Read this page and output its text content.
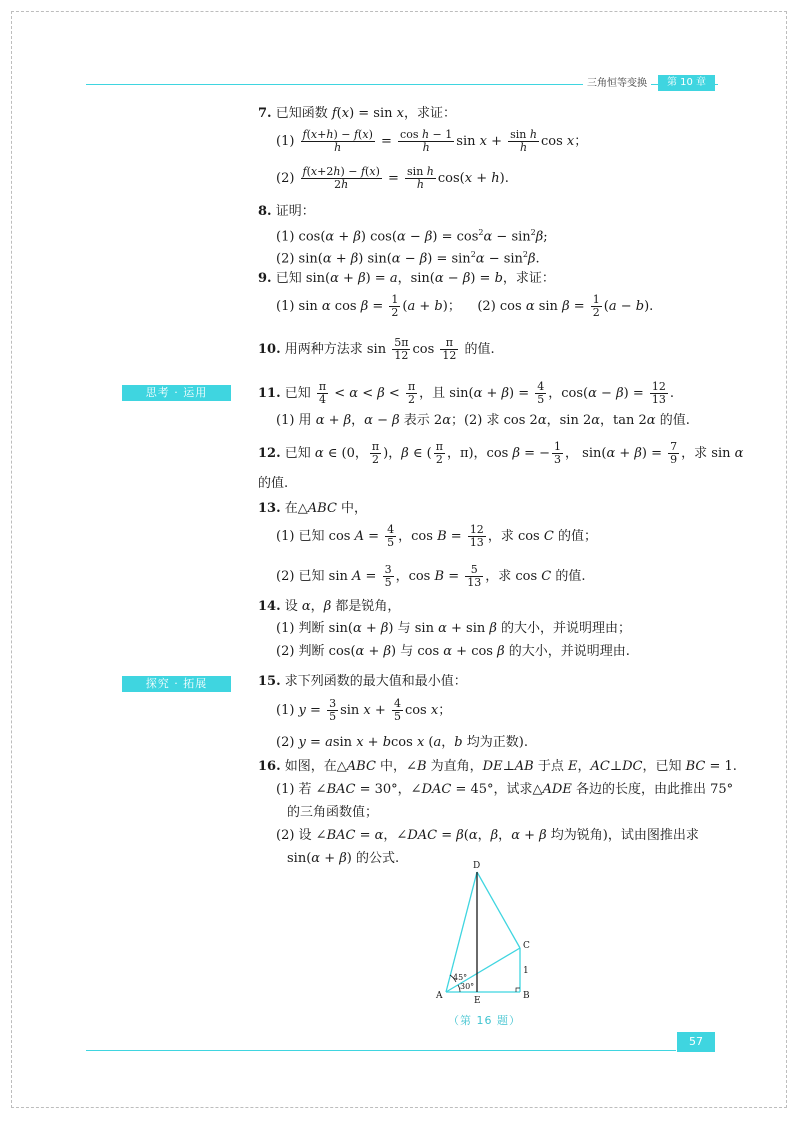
三角恒等变换	第 10 章
7. 已知函数 f(x) = sin x，求证：
$(1) \frac{f(x+h) - f(x)}{h} = \frac{\text{cos h − 1}}{h}$ $\sin x + \frac{\text{sin h}}{h}$ cos x；
$(2) \frac{f(x+2h) - f(x)}{2h} = \frac{\text{sin h}}{h} \cos(x + h)$.
8. 证明：
(1) cos(α + β) $\cos(\alpha - \beta) = \cos^2\alpha - \sin^2\beta$;
(2) sin(α + β) $\sin(\alpha - \beta) = \sin^2\alpha - \sin^2\beta$.
9. 已知 sin(α + β) = a，sin(α − β) = b，求证：
(1) sin α $\cos \beta = \frac{1}{2} (a + b)$；    (2) cos α $\sin \beta = \frac{1}{2} (a - b)$.
10. 用两种方法求 $\sin \frac{5\pi}{12}$ $\cos \frac{\pi}{12}$ 的值.
思考 · 运用	11. 已知 $\frac{\pi}{4} < \alpha < \beta < \frac{\pi}{2}$ ，且 $\sin(\alpha + \beta) = \frac{4}{5}$ ，$\cos(\alpha - \beta) = \frac{12}{13}$ .
(1) 用 α + β，α − β 表示 2α；(2) 求 cos 2α，sin 2α，tan 2α 的值.
12. 已知 α ∈ (0， $\frac{\pi}{2}$ )，β ∈ ( $\frac{\pi}{2}$ ，π)，cos β = − $\frac{1}{3}$ ， $\sin(\alpha + \beta) = \frac{7}{9}$ ，求 sin α
的值.
13. 在△ABC 中，
(1) 已知 $\cos A = \frac{4}{5}$ ，$\cos B = \frac{12}{13}$ ，求 cos C 的值；
(2) 已知 $\sin A = \frac{3}{5}$ ，$\cos B = \frac{5}{13}$ ，求 cos C 的值.
14. 设 α，β 都是锐角，
(1) 判断 sin(α + β) 与 sin α + sin β 的大小，并说明理由；
(2) 判断 cos(α + β) 与 cos α + cos β 的大小，并说明理由.
探究 · 拓展	15. 求下列函数的最大值和最小值：
(1) $y = \frac{3}{5}$ $\sin x + \frac{4}{5}$ cos x；
(2) y = asin x + bcos x (a，b 均为正数).
16. 如图，在△ABC 中，∠B 为直角，DE⊥AB 于点 E，AC⊥DC，已知 BC = 1.
(1) 若 ∠BAC = 30°，∠DAC = 45°，试求△ADE 各边的长度，由此推出 75°
的三角函数值；
(2) 设 ∠BAC = α，∠DAC = β(α，β，α + β 均为锐角)，试由图推出求
sin(α + β) 的公式.	D
C
A	E	B
1
45°
30°
（第 16 题）
57
